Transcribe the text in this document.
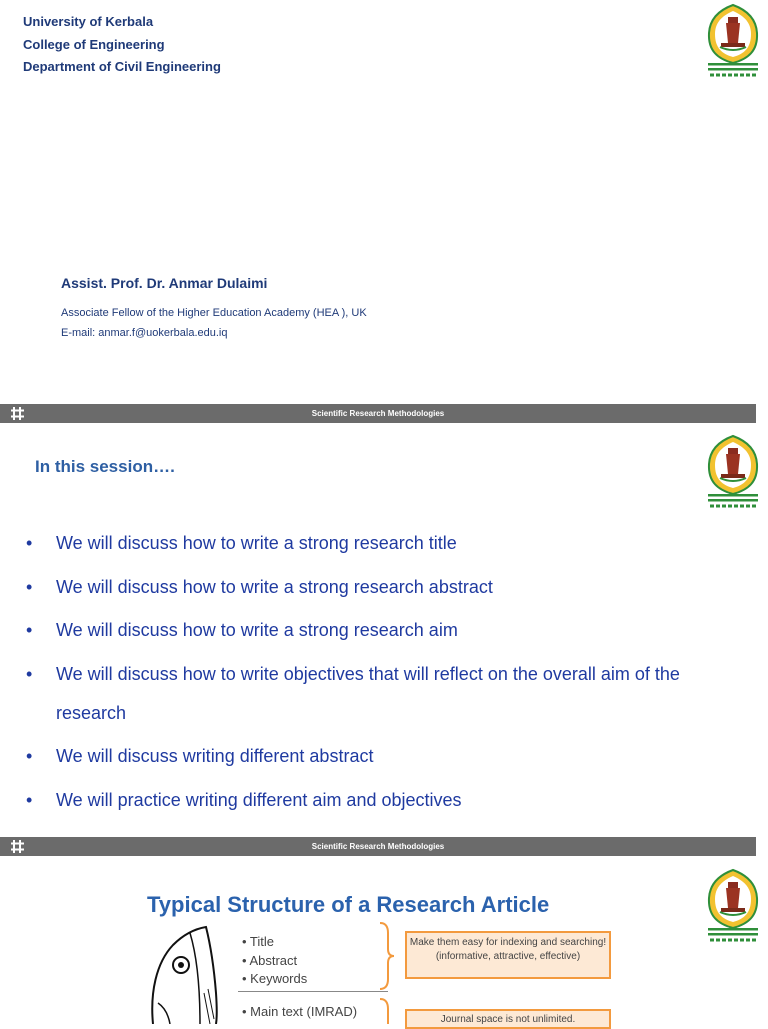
University of Kerbala
College of Engineering
Department of Civil Engineering
Assist. Prof. Dr. Anmar Dulaimi
Associate Fellow of the Higher Education Academy (HEA ), UK
E-mail: anmar.f@uokerbala.edu.iq
Scientific Research Methodologies
In this session….
• We will discuss how to write a strong research title
• We will discuss how to write a strong research abstract
• We will discuss how to write a strong research aim
• We will discuss how to write objectives that will reflect on the overall aim of the research
• We will discuss writing different abstract
• We will practice writing different aim and objectives
Scientific Research Methodologies
Typical Structure of a Research Article
• Title
• Abstract
• Keywords
Make them easy for indexing and searching! (informative, attractive, effective)
• Main text (IMRAD)
Journal space is not unlimited.
